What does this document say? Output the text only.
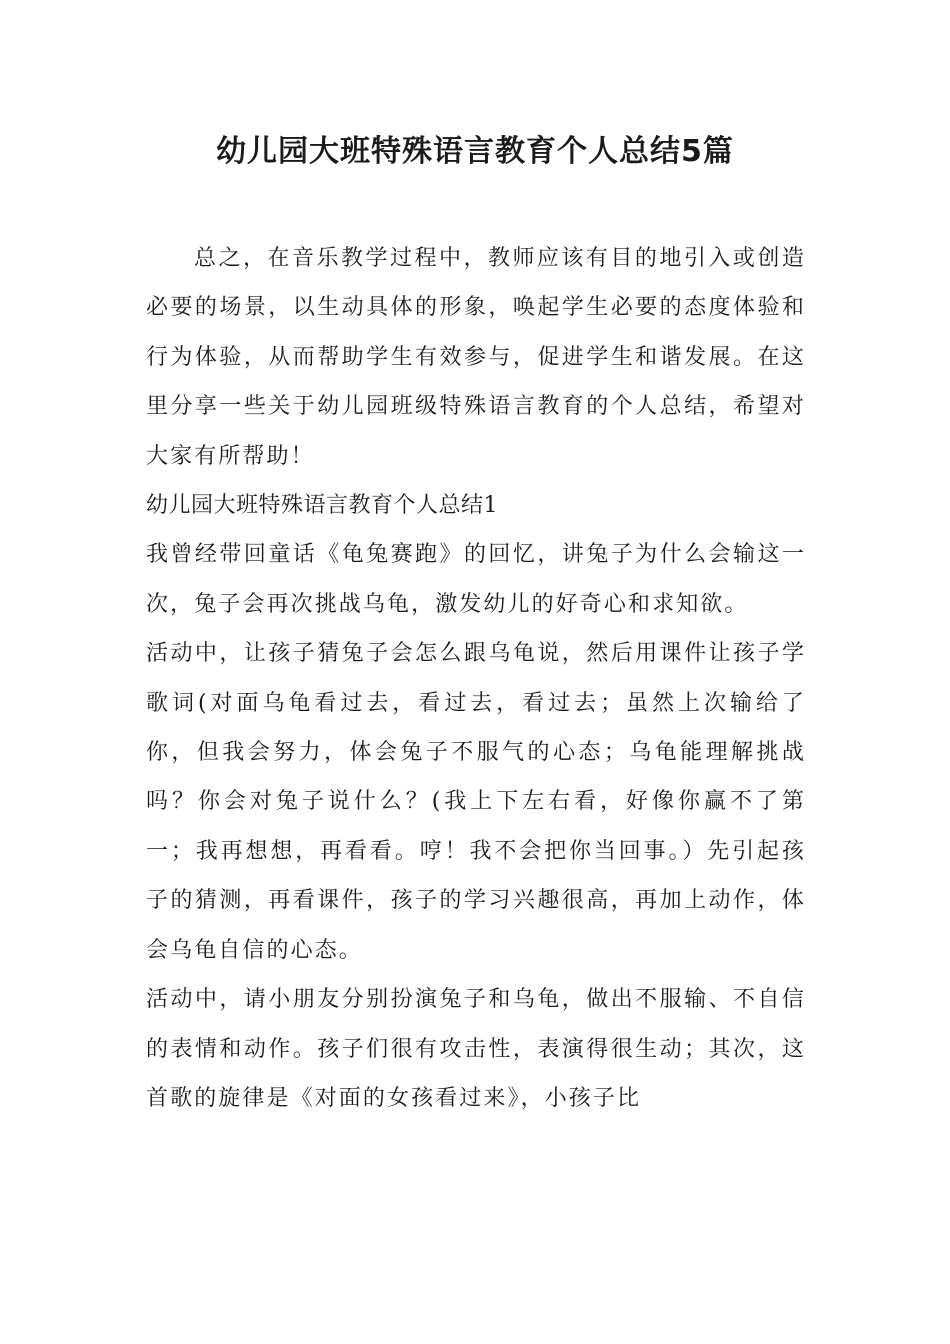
幼儿园大班特殊语言教育个人总结5篇

总之，在音乐教学过程中，教师应该有目的地引入或创造必要的场景，以生动具体的形象，唤起学生必要的态度体验和行为体验，从而帮助学生有效参与，促进学生和谐发展。在这里分享一些关于幼儿园班级特殊语言教育的个人总结，希望对大家有所帮助！

幼儿园大班特殊语言教育个人总结1

我曾经带回童话《龟兔赛跑》的回忆，讲兔子为什么会输这一次，兔子会再次挑战乌龟，激发幼儿的好奇心和求知欲。

活动中，让孩子猜兔子会怎么跟乌龟说，然后用课件让孩子学歌词(对面乌龟看过去，看过去，看过去；虽然上次输给了你，但我会努力，体会兔子不服气的心态；乌龟能理解挑战吗？你会对兔子说什么？(我上下左右看，好像你赢不了第一；我再想想，再看看。哼！我不会把你当回事。）先引起孩子的猜测，再看课件，孩子的学习兴趣很高，再加上动作，体会乌龟自信的心态。

活动中，请小朋友分别扮演兔子和乌龟，做出不服输、不自信的表情和动作。孩子们很有攻击性，表演得很生动；其次，这首歌的旋律是《对面的女孩看过来》，小孩子比
